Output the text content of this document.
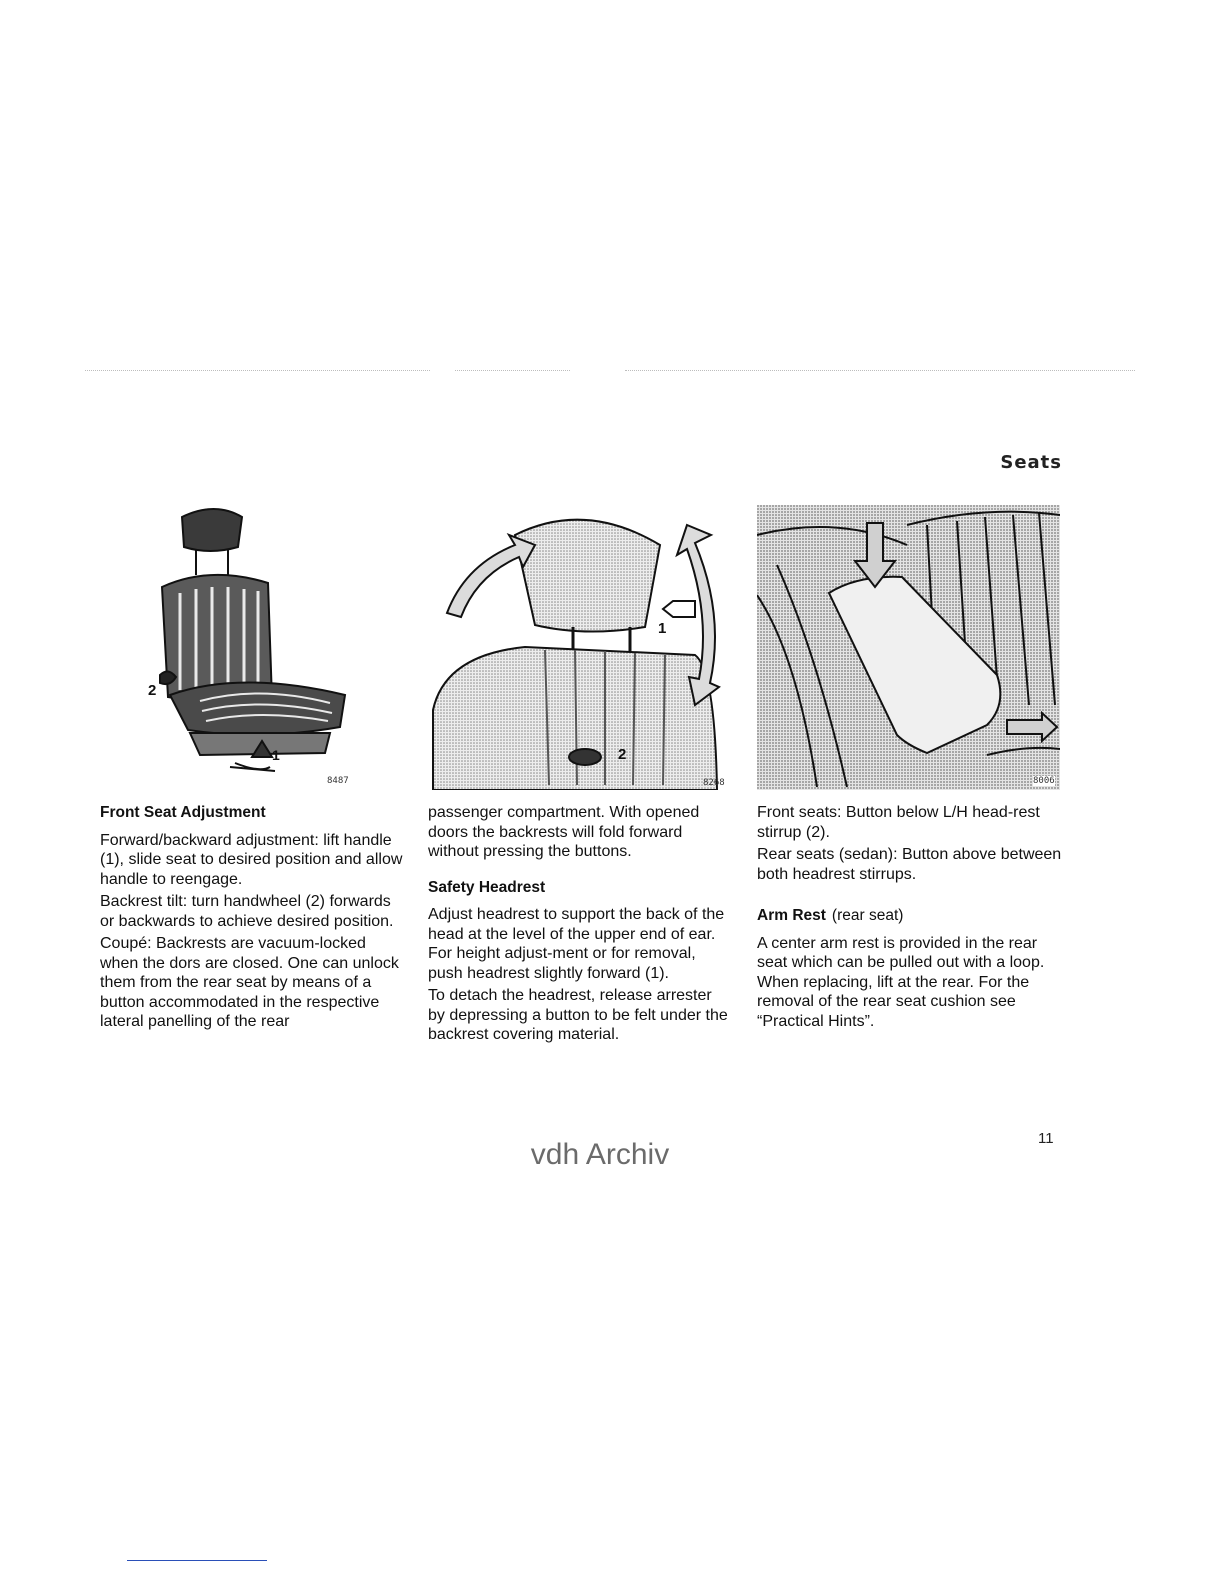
Seats
2
1
8487
1
2
8268	8006
Front Seat Adjustment

Forward/backward adjustment: lift handle (1), slide seat to desired position and allow handle to reengage.

Backrest tilt: turn handwheel (2) forwards or backwards to achieve desired position.

Coupé: Backrests are vacuum-locked when the dors are closed. One can unlock them from the rear seat by means of a button accommodated in the respective lateral panelling of the rear

passenger compartment. With opened doors the backrests will fold forward without pressing the buttons.

Safety Headrest

Adjust headrest to support the back of the head at the level of the upper end of ear. For height adjust-ment or for removal, push headrest slightly forward (1).

To detach the headrest, release arrester by depressing a button to be felt under the backrest covering material.

Front seats: Button below L/H head-rest stirrup (2).

Rear seats (sedan): Button above between both headrest stirrups.

Arm Rest (rear seat)

A center arm rest is provided in the rear seat which can be pulled out with a loop. When replacing, lift at the rear. For the removal of the rear seat cushion see “Practical Hints”.

11
vdh Archiv
